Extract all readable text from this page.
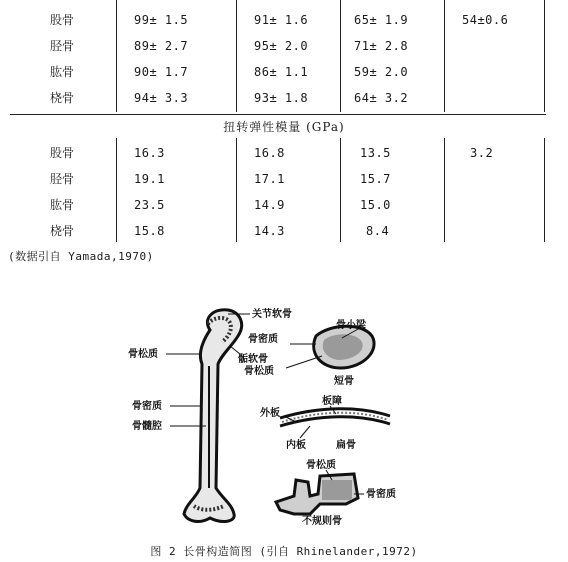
股骨	99± 1.5	91± 1.6	65± 1.9	54±0.6
胫骨	89± 2.7	95± 2.0	71± 2.8
肱骨	90± 1.7	86± 1.1	59± 2.0
桡骨	94± 3.3	93± 1.8	64± 3.2
扭转弹性模量 (GPa)
股骨	16.3	16.8	13.5	3.2
胫骨	19.1	17.1	15.7
肱骨	23.5	14.9	15.0
桡骨	15.8	14.3	8.4
(数据引自 Yamada,1970)
关节软骨
骨松质	骺软骨
骨密质
骨髓腔
骨小梁
骨密质
骨松质
短骨
板障
外板
内板	扁骨
骨松质
骨密质
不规则骨
图 2 长骨构造简图 (引自 Rhinelander,1972)
